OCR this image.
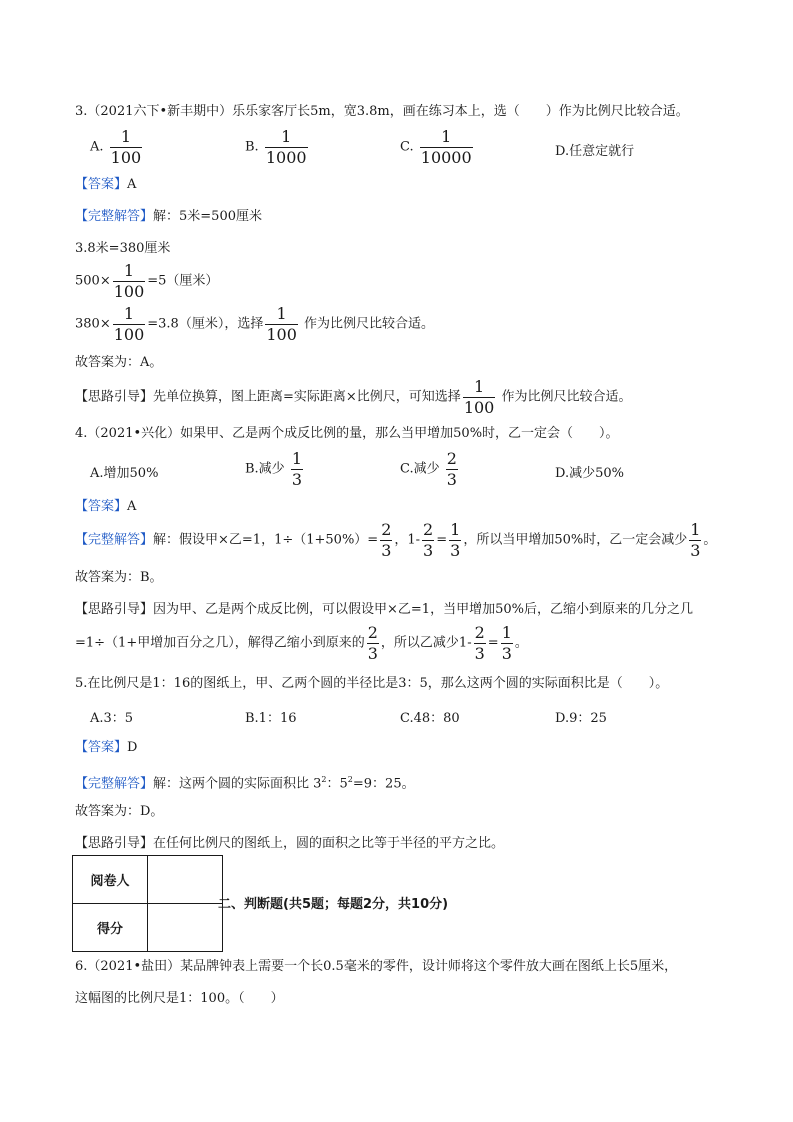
3.（2021六下•新丰期中）乐乐家客厅长5m，宽3.8m，画在练习本上，选（　　）作为比例尺比较合适。
A. $\frac{1}{100}$	B. $\frac{1}{1000}$	C. $\frac{1}{10000}$	D.任意定就行
【答案】A
【完整解答】解：5米=500厘米
3.8米=380厘米
$500\times \frac{1}{100} =5$（厘米）
$380\times \frac{1}{100} =3.8$（厘米），选择 $\frac{1}{100}$ 作为比例尺比较合适。
故答案为：A。
【思路引导】先单位换算，图上距离=实际距离×比例尺，可知选择 $\frac{1}{100}$ 作为比例尺比较合适。
4.（2021•兴化）如果甲、乙是两个成反比例的量，那么当甲增加50%时，乙一定会（　　）。
A.增加50%	B.减少 $\frac{1}{3}$	C.减少 $\frac{2}{3}$	D.减少50%
【答案】A
【完整解答】解：假设甲×乙=1，$1\div(1+50\%)= \frac{2}{3}$ ，$1- \frac{2}{3} = \frac{1}{3}$ ，所以当甲增加50%时，乙一定会减少 $\frac{1}{3}$ 。
故答案为：B。
【思路引导】因为甲、乙是两个成反比例，可以假设甲×乙=1，当甲增加50%后，乙缩小到原来的几分之几
=1÷（1+甲增加百分之几），解得乙缩小到原来的 $\frac{2}{3}$ ，所以乙减少$1- \frac{2}{3} = \frac{1}{3}$ 。
5.在比例尺是1：16的图纸上，甲、乙两个圆的半径比是3：5，那么这两个圆的实际面积比是（　　）。
A.3：5	B.1：16	C.48：80	D.9：25
【答案】D
【完整解答】解：这两个圆的实际面积比 $3^2$：$5^2=9$：25。
故答案为：D。
【思路引导】在任何比例尺的图纸上，圆的面积之比等于半径的平方之比。
阅卷人	
得分	
二、判断题(共5题；每题2分，共10分)
6.（2021•盐田）某品牌钟表上需要一个长0.5毫米的零件，设计师将这个零件放大画在图纸上长5厘米，
这幅图的比例尺是1：100。（　　）
